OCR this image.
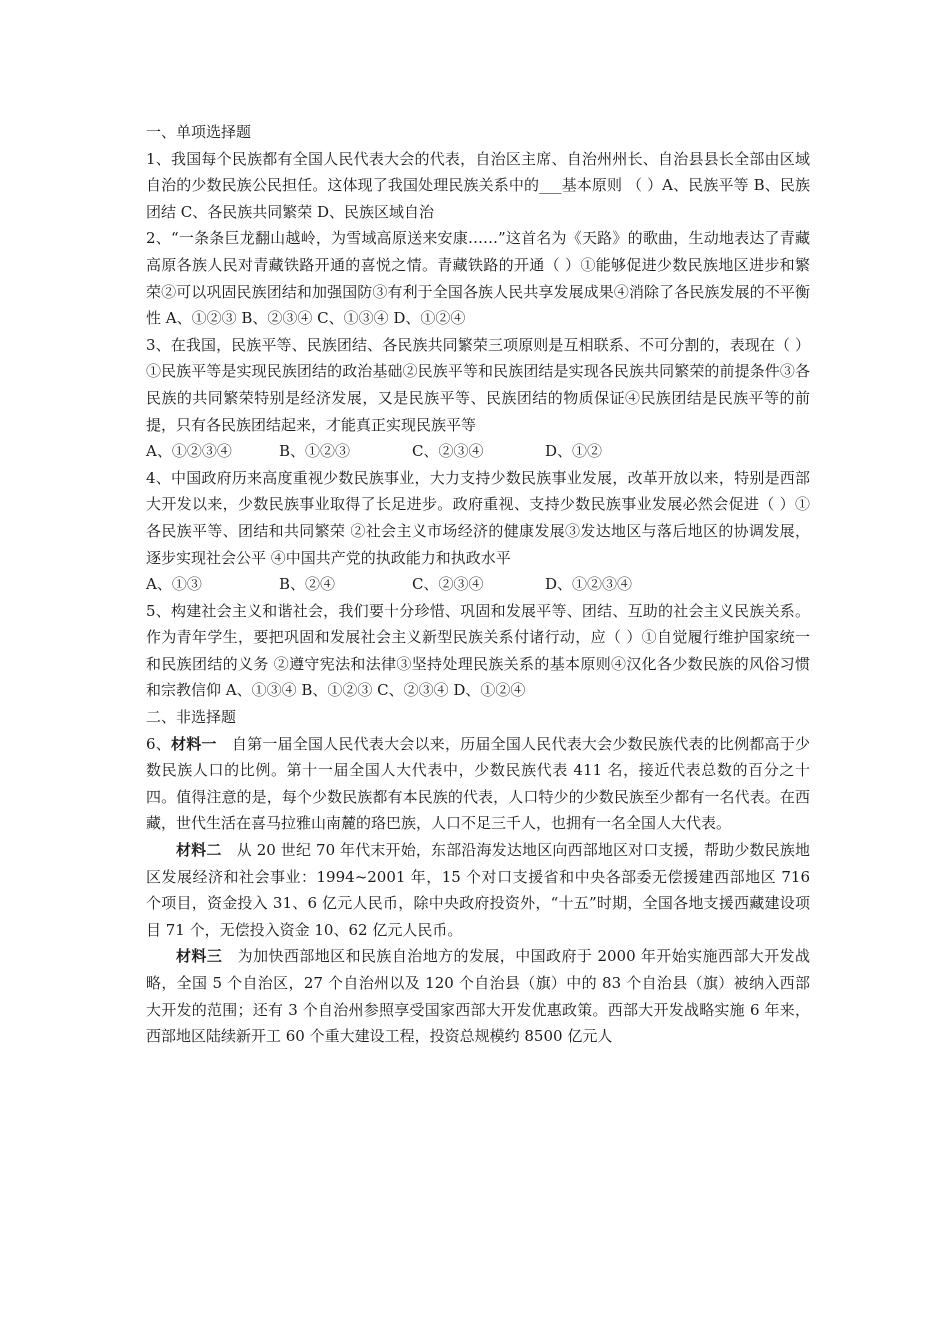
一、单项选择题

1、我国每个民族都有全国人民代表大会的代表，自治区主席、自治州州长、自治县县长全部由区域自治的少数民族公民担任。这体现了我国处理民族关系中的___基本原则 （ ）A、民族平等 B、民族团结 C、各民族共同繁荣 D、民族区域自治

2、“一条条巨龙翻山越岭，为雪域高原送来安康……”这首名为《天路》的歌曲，生动地表达了青藏高原各族人民对青藏铁路开通的喜悦之情。青藏铁路的开通（ ）①能够促进少数民族地区进步和繁荣②可以巩固民族团结和加强国防③有利于全国各族人民共享发展成果④消除了各民族发展的不平衡性 A、①②③ B、②③④ C、①③④ D、①②④

3、在我国，民族平等、民族团结、各民族共同繁荣三项原则是互相联系、不可分割的，表现在（ ）①民族平等是实现民族团结的政治基础②民族平等和民族团结是实现各民族共同繁荣的前提条件③各民族的共同繁荣特别是经济发展，又是民族平等、民族团结的物质保证④民族团结是民族平等的前提，只有各民族团结起来，才能真正实现民族平等

A、①②③④	B、①②③	C、②③④	D、①②

4、中国政府历来高度重视少数民族事业，大力支持少数民族事业发展，改革开放以来，特别是西部大开发以来，少数民族事业取得了长足进步。政府重视、支持少数民族事业发展必然会促进（ ）①各民族平等、团结和共同繁荣 ②社会主义市场经济的健康发展③发达地区与落后地区的协调发展，逐步实现社会公平 ④中国共产党的执政能力和执政水平

A、①③	B、②④	C、②③④	D、①②③④

5、构建社会主义和谐社会，我们要十分珍惜、巩固和发展平等、团结、互助的社会主义民族关系。作为青年学生，要把巩固和发展社会主义新型民族关系付诸行动，应（ ）①自觉履行维护国家统一和民族团结的义务 ②遵守宪法和法律③坚持处理民族关系的基本原则④汉化各少数民族的风俗习惯和宗教信仰 A、①③④ B、①②③ C、②③④ D、①②④

二、非选择题

6、材料一　自第一届全国人民代表大会以来，历届全国人民代表大会少数民族代表的比例都高于少数民族人口的比例。第十一届全国人大代表中，少数民族代表 411 名，接近代表总数的百分之十四。值得注意的是，每个少数民族都有本民族的代表，人口特少的少数民族至少都有一名代表。在西藏，世代生活在喜马拉雅山南麓的珞巴族，人口不足三千人，也拥有一名全国人大代表。

材料二　从 20 世纪 70 年代末开始，东部沿海发达地区向西部地区对口支援，帮助少数民族地区发展经济和社会事业：1994~2001 年，15 个对口支援省和中央各部委无偿援建西部地区 716 个项目，资金投入 31、6 亿元人民币，除中央政府投资外，“十五”时期，全国各地支援西藏建设项目 71 个，无偿投入资金 10、62 亿元人民币。

材料三　为加快西部地区和民族自治地方的发展，中国政府于 2000 年开始实施西部大开发战略，全国 5 个自治区，27 个自治州以及 120 个自治县（旗）中的 83 个自治县（旗）被纳入西部大开发的范围；还有 3 个自治州参照享受国家西部大开发优惠政策。西部大开发战略实施 6 年来，西部地区陆续新开工 60 个重大建设工程，投资总规模约 8500 亿元人
